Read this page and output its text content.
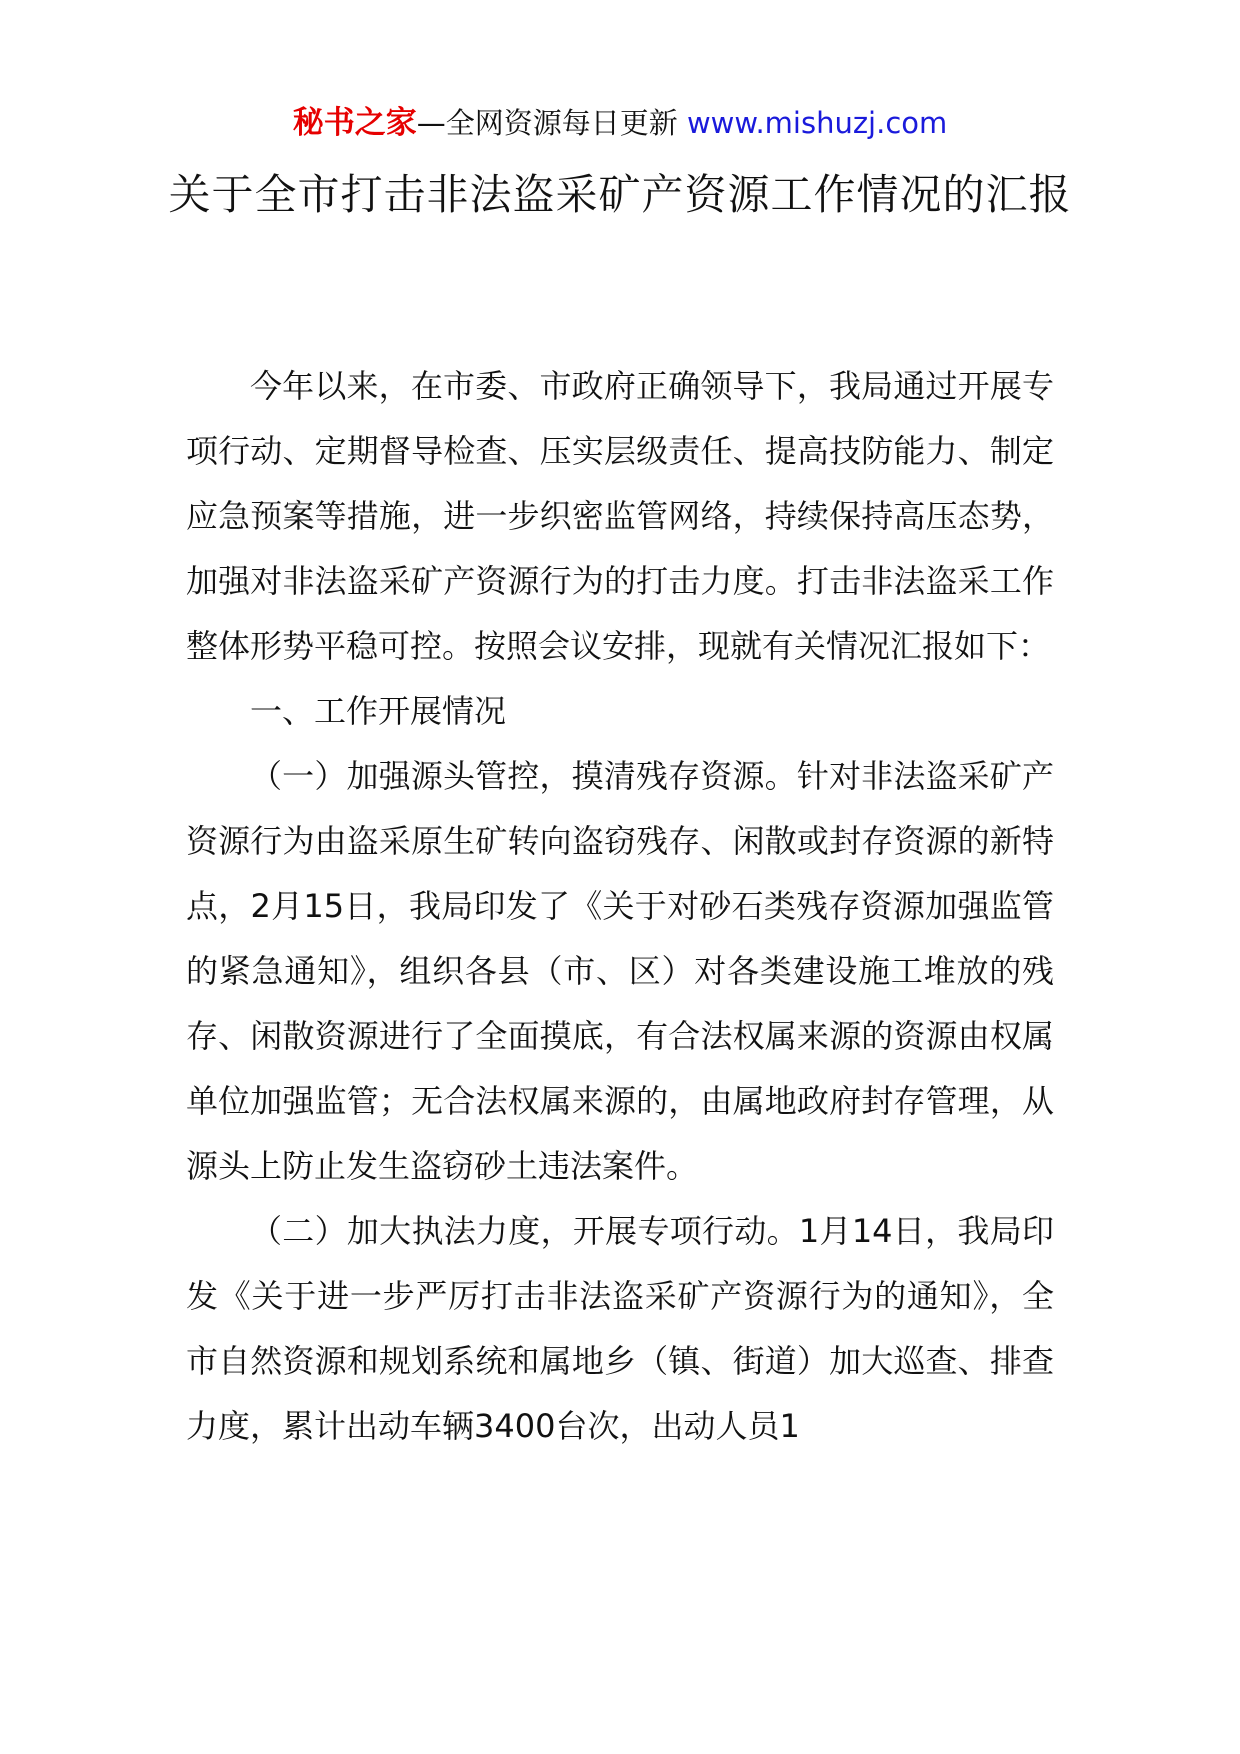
秘书之家—全网资源每日更新 www.mishuzj.com
关于全市打击非法盗采矿产资源工作情况的汇报

今年以来，在市委、市政府正确领导下，我局通过开展专项行动、定期督导检查、压实层级责任、提高技防能力、制定应急预案等措施，进一步织密监管网络，持续保持高压态势，加强对非法盗采矿产资源行为的打击力度。打击非法盗采工作整体形势平稳可控。按照会议安排，现就有关情况汇报如下：

一、工作开展情况

（一）加强源头管控，摸清残存资源。针对非法盗采矿产资源行为由盗采原生矿转向盗窃残存、闲散或封存资源的新特点，2月15日，我局印发了《关于对砂石类残存资源加强监管的紧急通知》，组织各县（市、区）对各类建设施工堆放的残存、闲散资源进行了全面摸底，有合法权属来源的资源由权属单位加强监管；无合法权属来源的，由属地政府封存管理，从源头上防止发生盗窃砂土违法案件。

（二）加大执法力度，开展专项行动。1月14日，我局印发《关于进一步严厉打击非法盗采矿产资源行为的通知》，全市自然资源和规划系统和属地乡（镇、街道）加大巡查、排查力度，累计出动车辆3400台次，出动人员1
